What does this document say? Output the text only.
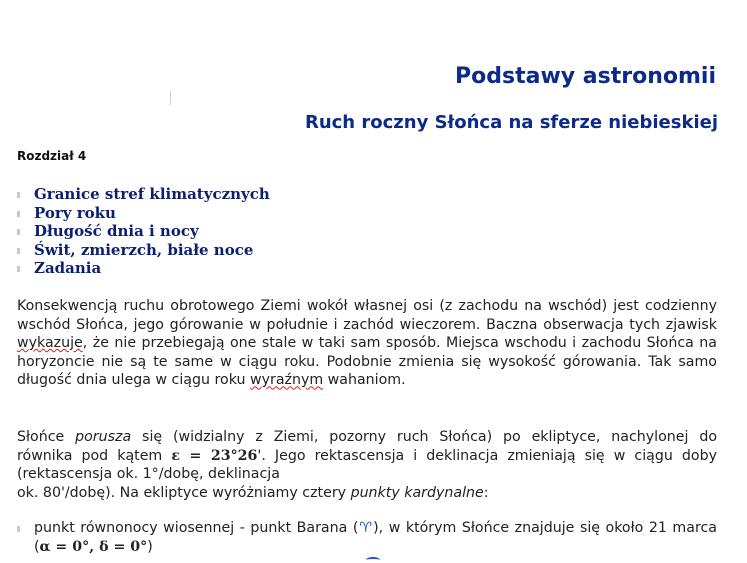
Podstawy astronomii
Ruch roczny Słońca na sferze niebieskiej
Rozdział 4
Granice stref klimatycznych
Pory roku
Długość dnia i nocy
Świt, zmierzch, białe noce
Zadania

Konsekwencją ruchu obrotowego Ziemi wokół własnej osi (z zachodu na wschód) jest codzienny wschód Słońca, jego górowanie w południe i zachód wieczorem. Baczna obserwacja tych zjawisk wykazuje, że nie przebiegają one stale w taki sam sposób. Miejsca wschodu i zachodu Słońca na horyzoncie nie są te same w ciągu roku. Podobnie zmienia się wysokość górowania. Tak samo długość dnia ulega w ciągu roku wyraźnym wahaniom.

Słońce porusza się (widzialny z Ziemi, pozorny ruch Słońca) po ekliptyce, nachylonej do
równika pod kątem ε = 23°26'. Jego rektascensja i deklinacja zmieniają się w ciągu doby
(rektascensja ok. 1°/dobę, deklinacja
ok. 80'/dobę). Na ekliptyce wyróżniamy cztery punkty kardynalne:

punkt równonocy wiosennej - punkt Barana (♈), w którym Słońce znajduje się około 21 marca (α = 0°, δ = 0°)
